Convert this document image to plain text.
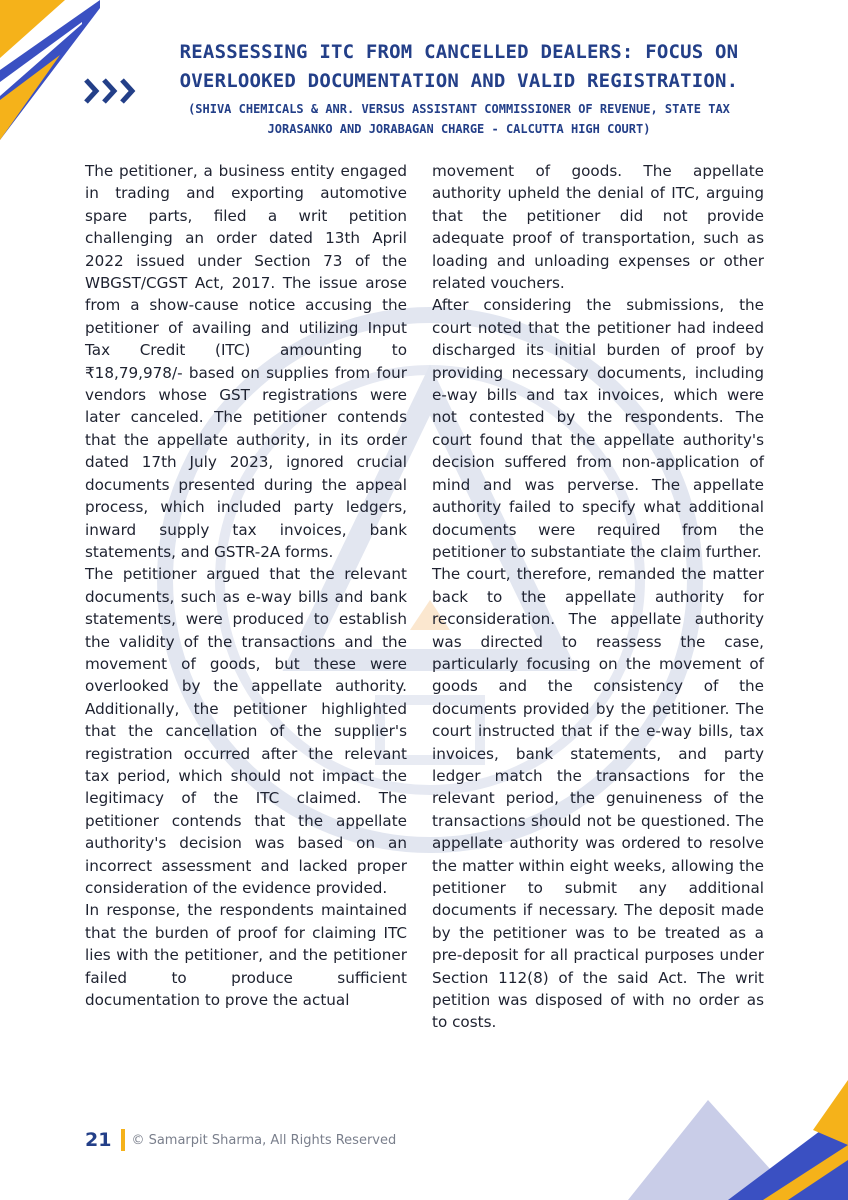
REASSESSING ITC FROM CANCELLED DEALERS: FOCUS ON
OVERLOOKED DOCUMENTATION AND VALID REGISTRATION.

(SHIVA CHEMICALS & ANR. VERSUS ASSISTANT COMMISSIONER OF REVENUE, STATE TAX
JORASANKO AND JORABAGAN CHARGE - CALCUTTA HIGH COURT)

The petitioner, a business entity engaged in trading and exporting automotive spare parts, filed a writ petition challenging an order dated 13th April 2022 issued under Section 73 of the WBGST/CGST Act, 2017. The issue arose from a show-cause notice accusing the petitioner of availing and utilizing Input Tax Credit (ITC) amounting to ₹18,79,978/- based on supplies from four vendors whose GST registrations were later canceled. The petitioner contends that the appellate authority, in its order dated 17th July 2023, ignored crucial documents presented during the appeal process, which included party ledgers, inward supply tax invoices, bank statements, and GSTR-2A forms.

The petitioner argued that the relevant documents, such as e-way bills and bank statements, were produced to establish the validity of the transactions and the movement of goods, but these were overlooked by the appellate authority. Additionally, the petitioner highlighted that the cancellation of the supplier's registration occurred after the relevant tax period, which should not impact the legitimacy of the ITC claimed. The petitioner contends that the appellate authority's decision was based on an incorrect assessment and lacked proper consideration of the evidence provided.

In response, the respondents maintained that the burden of proof for claiming ITC lies with the petitioner, and the petitioner failed to produce sufficient documentation to prove the actual

movement of goods. The appellate authority upheld the denial of ITC, arguing that the petitioner did not provide adequate proof of transportation, such as loading and unloading expenses or other related vouchers.

After considering the submissions, the court noted that the petitioner had indeed discharged its initial burden of proof by providing necessary documents, including e-way bills and tax invoices, which were not contested by the respondents. The court found that the appellate authority's decision suffered from non-application of mind and was perverse. The appellate authority failed to specify what additional documents were required from the petitioner to substantiate the claim further.

The court, therefore, remanded the matter back to the appellate authority for reconsideration. The appellate authority was directed to reassess the case, particularly focusing on the movement of goods and the consistency of the documents provided by the petitioner. The court instructed that if the e-way bills, tax invoices, bank statements, and party ledger match the transactions for the relevant period, the genuineness of the transactions should not be questioned. The appellate authority was ordered to resolve the matter within eight weeks, allowing the petitioner to submit any additional documents if necessary. The deposit made by the petitioner was to be treated as a pre-deposit for all practical purposes under Section 112(8) of the said Act. The writ petition was disposed of with no order as to costs.

21 © Samarpit Sharma, All Rights Reserved
